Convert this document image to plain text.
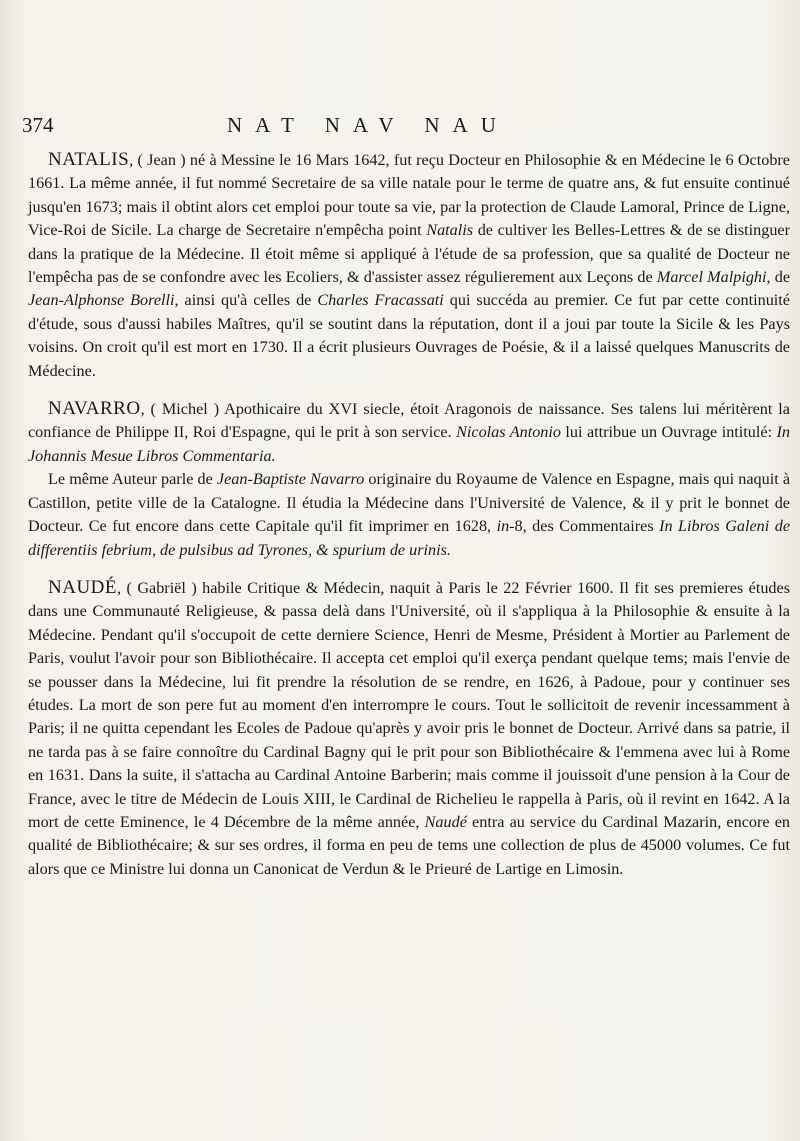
374	NAT NAV NAU

NATALIS, ( Jean ) né à Messine le 16 Mars 1642, fut reçu Docteur en Philosophie & en Médecine le 6 Octobre 1661. La même année, il fut nommé Secretaire de sa ville natale pour le terme de quatre ans, & fut ensuite continué jusqu'en 1673; mais il obtint alors cet emploi pour toute sa vie, par la protection de Claude Lamoral, Prince de Ligne, Vice-Roi de Sicile. La charge de Secretaire n'empêcha point Natalis de cultiver les Belles-Lettres & de se distinguer dans la pratique de la Médecine. Il étoit même si appliqué à l'étude de sa profession, que sa qualité de Docteur ne l'empêcha pas de se confondre avec les Ecoliers, & d'assister assez régulierement aux Leçons de Marcel Malpighi, de Jean-Alphonse Borelli, ainsi qu'à celles de Charles Fracassati qui succéda au premier. Ce fut par cette continuité d'étude, sous d'aussi habiles Maîtres, qu'il se soutint dans la réputation, dont il a joui par toute la Sicile & les Pays voisins. On croit qu'il est mort en 1730. Il a écrit plusieurs Ouvrages de Poésie, & il a laissé quelques Manuscrits de Médecine.

NAVARRO, ( Michel ) Apothicaire du XVI siecle, étoit Aragonois de naissance. Ses talens lui méritèrent la confiance de Philippe II, Roi d'Espagne, qui le prit à son service. Nicolas Antonio lui attribue un Ouvrage intitulé: In Johannis Mesue Libros Commentaria.

Le même Auteur parle de Jean-Baptiste Navarro originaire du Royaume de Valence en Espagne, mais qui naquit à Castillon, petite ville de la Catalogne. Il étudia la Médecine dans l'Université de Valence, & il y prit le bonnet de Docteur. Ce fut encore dans cette Capitale qu'il fit imprimer en 1628, in-8, des Commentaires In Libros Galeni de differentiis febrium, de pulsibus ad Tyrones, & spurium de urinis.

NAUDÉ, ( Gabriël ) habile Critique & Médecin, naquit à Paris le 22 Février 1600. Il fit ses premieres études dans une Communauté Religieuse, & passa delà dans l'Université, où il s'appliqua à la Philosophie & ensuite à la Médecine. Pendant qu'il s'occupoit de cette derniere Science, Henri de Mesme, Président à Mortier au Parlement de Paris, voulut l'avoir pour son Bibliothécaire. Il accepta cet emploi qu'il exerça pendant quelque tems; mais l'envie de se pousser dans la Médecine, lui fit prendre la résolution de se rendre, en 1626, à Padoue, pour y continuer ses études. La mort de son pere fut au moment d'en interrompre le cours. Tout le sollicitoit de revenir incessamment à Paris; il ne quitta cependant les Ecoles de Padoue qu'après y avoir pris le bonnet de Docteur. Arrivé dans sa patrie, il ne tarda pas à se faire connoître du Cardinal Bagny qui le prit pour son Bibliothécaire & l'emmena avec lui à Rome en 1631. Dans la suite, il s'attacha au Cardinal Antoine Barberin; mais comme il jouissoit d'une pension à la Cour de France, avec le titre de Médecin de Louis XIII, le Cardinal de Richelieu le rappella à Paris, où il revint en 1642. A la mort de cette Eminence, le 4 Décembre de la même année, Naudé entra au service du Cardinal Mazarin, encore en qualité de Bibliothécaire; & sur ses ordres, il forma en peu de tems une collection de plus de 45000 volumes. Ce fut alors que ce Ministre lui donna un Canonicat de Verdun & le Prieuré de Lartige en Limosin.
